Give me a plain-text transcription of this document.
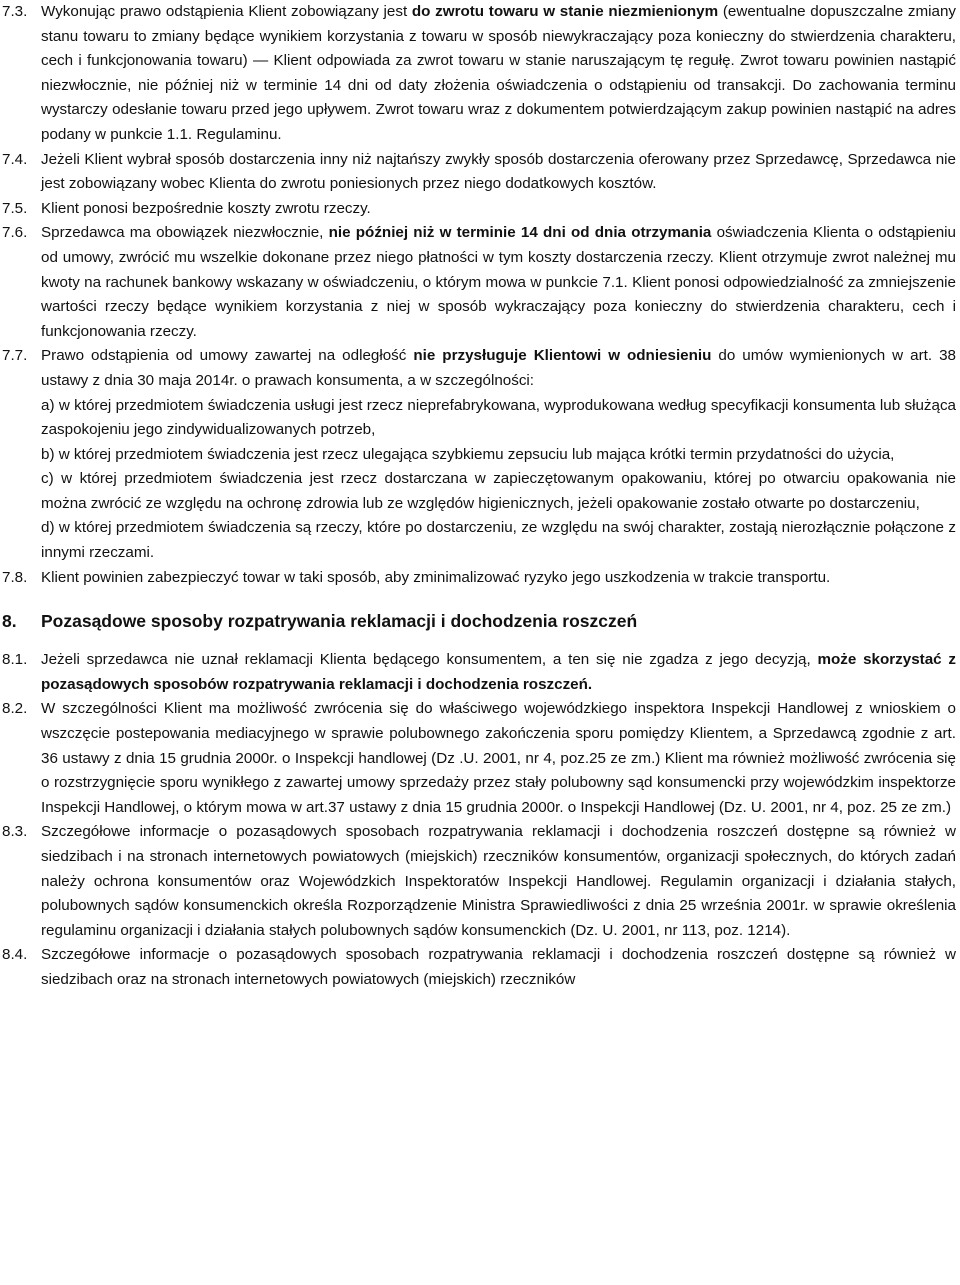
7.3. Wykonując prawo odstąpienia Klient zobowiązany jest do zwrotu towaru w stanie niezmienionym (ewentualne dopuszczalne zmiany stanu towaru to zmiany będące wynikiem korzystania z towaru w sposób niewykraczający poza konieczny do stwierdzenia charakteru, cech i funkcjonowania towaru) ― Klient odpowiada za zwrot towaru w stanie naruszającym tę regułę. Zwrot towaru powinien nastąpić niezwłocznie, nie później niż w terminie 14 dni od daty złożenia oświadczenia o odstąpieniu od transakcji. Do zachowania terminu wystarczy odesłanie towaru przed jego upływem. Zwrot towaru wraz z dokumentem potwierdzającym zakup powinien nastąpić na adres podany w punkcie 1.1. Regulaminu.

7.4. Jeżeli Klient wybrał sposób dostarczenia inny niż najtańszy zwykły sposób dostarczenia oferowany przez Sprzedawcę, Sprzedawca nie jest zobowiązany wobec Klienta do zwrotu poniesionych przez niego dodatkowych kosztów.

7.5. Klient ponosi bezpośrednie koszty zwrotu rzeczy.

7.6. Sprzedawca ma obowiązek niezwłocznie, nie później niż w terminie 14 dni od dnia otrzymania oświadczenia Klienta o odstąpieniu od umowy, zwrócić mu wszelkie dokonane przez niego płatności w tym koszty dostarczenia rzeczy. Klient otrzymuje zwrot należnej mu kwoty na rachunek bankowy wskazany w oświadczeniu, o którym mowa w punkcie 7.1. Klient ponosi odpowiedzialność za zmniejszenie wartości rzeczy będące wynikiem korzystania z niej w sposób wykraczający poza konieczny do stwierdzenia charakteru, cech i funkcjonowania rzeczy.

7.7. Prawo odstąpienia od umowy zawartej na odległość nie przysługuje Klientowi w odniesieniu do umów wymienionych w art. 38 ustawy z dnia 30 maja 2014r. o prawach konsumenta, a w szczególności:

a) w której przedmiotem świadczenia usługi jest rzecz nieprefabrykowana, wyprodukowana według specyfikacji konsumenta lub służąca zaspokojeniu jego zindywidualizowanych potrzeb,

b) w której przedmiotem świadczenia jest rzecz ulegająca szybkiemu zepsuciu lub mająca krótki termin przydatności do użycia,

c) w której przedmiotem świadczenia jest rzecz dostarczana w zapieczętowanym opakowaniu, której po otwarciu opakowania nie można zwrócić ze względu na ochronę zdrowia lub ze względów higienicznych, jeżeli opakowanie zostało otwarte po dostarczeniu,

d) w której przedmiotem świadczenia są rzeczy, które po dostarczeniu, ze względu na swój charakter, zostają nierozłącznie połączone z innymi rzeczami.

7.8. Klient powinien zabezpieczyć towar w taki sposób, aby zminimalizować ryzyko jego uszkodzenia w trakcie transportu.

8. Pozasądowe sposoby rozpatrywania reklamacji i dochodzenia roszczeń
8.1. Jeżeli sprzedawca nie uznał reklamacji Klienta będącego konsumentem, a ten się nie zgadza z jego decyzją, może skorzystać z pozasądowych sposobów rozpatrywania reklamacji i dochodzenia roszczeń.

8.2. W szczególności Klient ma możliwość zwrócenia się do właściwego wojewódzkiego inspektora Inspekcji Handlowej z wnioskiem o wszczęcie postepowania mediacyjnego w sprawie polubownego zakończenia sporu pomiędzy Klientem, a Sprzedawcą zgodnie z art. 36 ustawy z dnia 15 grudnia 2000r. o Inspekcji handlowej (Dz .U. 2001, nr 4, poz.25 ze zm.) Klient ma również możliwość zwrócenia się o rozstrzygnięcie sporu wynikłego z zawartej umowy sprzedaży przez stały polubowny sąd konsumencki przy wojewódzkim inspektorze Inspekcji Handlowej, o którym mowa w art.37 ustawy z dnia 15 grudnia 2000r. o Inspekcji Handlowej (Dz. U. 2001, nr 4, poz. 25 ze zm.)

8.3. Szczegółowe informacje o pozasądowych sposobach rozpatrywania reklamacji i dochodzenia roszczeń dostępne są również w siedzibach i na stronach internetowych powiatowych (miejskich) rzeczników konsumentów, organizacji społecznych, do których zadań należy ochrona konsumentów oraz Wojewódzkich Inspektoratów Inspekcji Handlowej. Regulamin organizacji i działania stałych, polubownych sądów konsumenckich określa Rozporządzenie Ministra Sprawiedliwości z dnia 25 września 2001r. w sprawie określenia regulaminu organizacji i działania stałych polubownych sądów konsumenckich (Dz. U. 2001, nr 113, poz. 1214).

8.4. Szczegółowe informacje o pozasądowych sposobach rozpatrywania reklamacji i dochodzenia roszczeń dostępne są również w siedzibach oraz na stronach internetowych powiatowych (miejskich) rzeczników
